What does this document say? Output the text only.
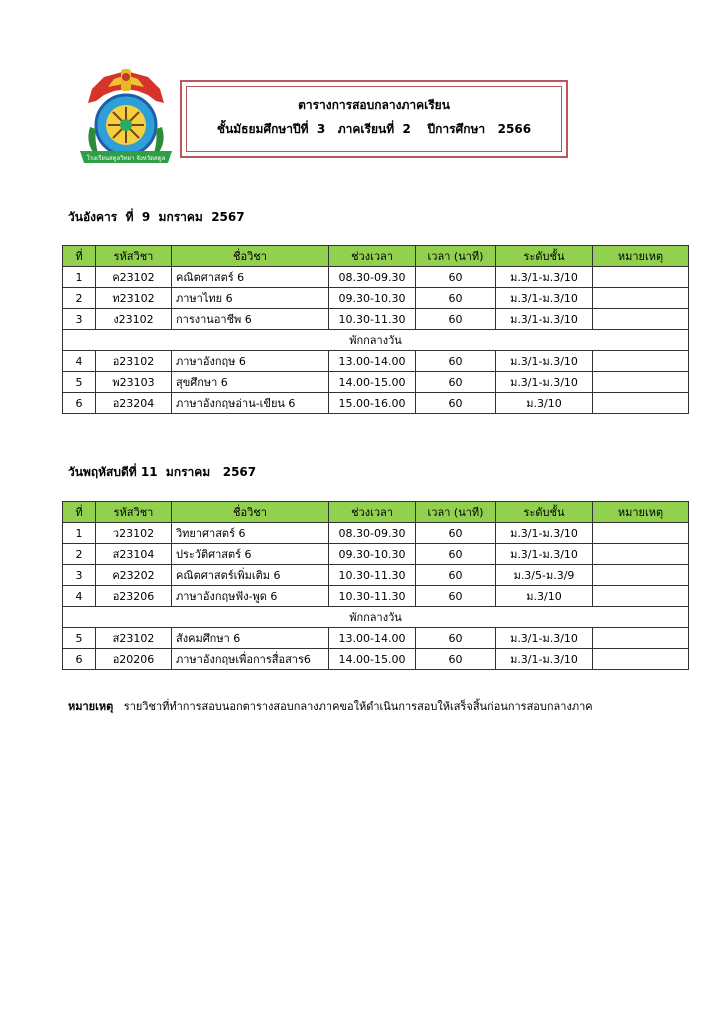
โรงเรียนสตูลวิทยา จังหวัดสตูล
ตารางการสอบกลางภาคเรียน
ชั้นมัธยมศึกษาปีที่  3   ภาคเรียนที่  2    ปีการศึกษา   2566
วันอังคาร  ที่  9  มกราคม  2567
ที่	รหัสวิชา	ชื่อวิชา	ช่วงเวลา	เวลา (นาที)	ระดับชั้น	หมายเหตุ
1	ค23102	คณิตศาสตร์ 6	08.30-09.30	60	ม.3/1-ม.3/10	
2	ท23102	ภาษาไทย 6	09.30-10.30	60	ม.3/1-ม.3/10	
3	ง23102	การงานอาชีพ 6	10.30-11.30	60	ม.3/1-ม.3/10	
พักกลางวัน						
4	อ23102	ภาษาอังกฤษ 6	13.00-14.00	60	ม.3/1-ม.3/10	
5	พ23103	สุขศึกษา 6	14.00-15.00	60	ม.3/1-ม.3/10	
6	อ23204	ภาษาอังกฤษอ่าน-เขียน 6	15.00-16.00	60	ม.3/10	
วันพฤหัสบดีที่ 11  มกราคม   2567
ที่	รหัสวิชา	ชื่อวิชา	ช่วงเวลา	เวลา (นาที)	ระดับชั้น	หมายเหตุ
1	ว23102	วิทยาศาสตร์ 6	08.30-09.30	60	ม.3/1-ม.3/10	
2	ส23104	ประวัติศาสตร์ 6	09.30-10.30	60	ม.3/1-ม.3/10	
3	ค23202	คณิตศาสตร์เพิ่มเติม 6	10.30-11.30	60	ม.3/5-ม.3/9	
4	อ23206	ภาษาอังกฤษฟัง-พูด 6	10.30-11.30	60	ม.3/10	
พักกลางวัน						
5	ส23102	สังคมศึกษา 6	13.00-14.00	60	ม.3/1-ม.3/10	
6	อ20206	ภาษาอังกฤษเพื่อการสื่อสาร6	14.00-15.00	60	ม.3/1-ม.3/10	
หมายเหตุ รายวิชาที่ทำการสอบนอกตารางสอบกลางภาคขอให้ดำเนินการสอบให้เสร็จสิ้นก่อนการสอบกลางภาค
